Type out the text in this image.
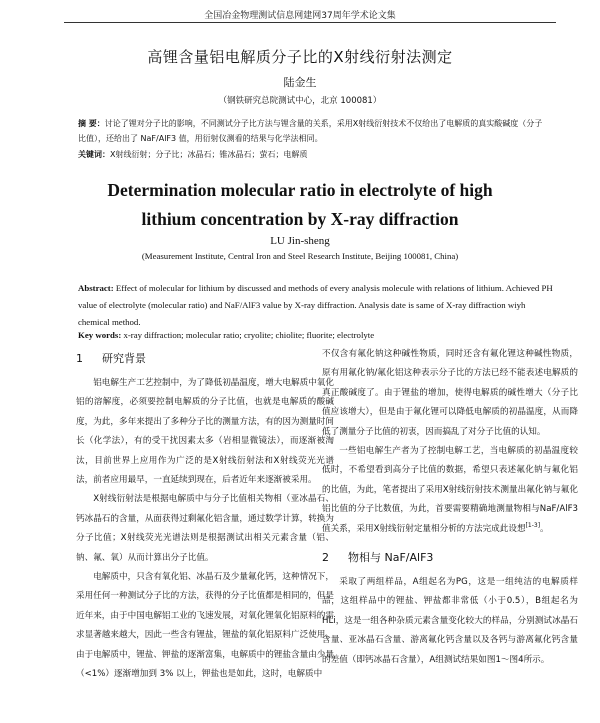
全国冶金物理测试信息网建网37周年学术论文集
高锂含量铝电解质分子比的X射线衍射法测定
陆金生
（钢铁研究总院测试中心，北京 100081）
摘 要：讨论了锂对分子比的影响，不同测试分子比方法与锂含量的关系，采用X射线衍射技术不仅给出了电解质的真实酸碱度（分子比值），还给出了 NaF/AlF3 值，用衍射仪测看的结果与化学法相同。
关键词：X射线衍射；分子比；冰晶石；锥冰晶石；萤石；电解质
Determination molecular ratio in electrolyte of high lithium concentration by X-ray diffraction
LU Jin-sheng
(Measurement Institute, Central Iron and Steel Research Institute, Beijing 100081, China)
Abstract: Effect of molecular for lithium by discussed and methods of every analysis molecule with relations of lithium. Achieved PH value of electrolyte (molecular ratio) and NaF/AlF3 value by X-ray diffraction. Analysis date is same of X-ray diffraction wiyh chemical method.
Key words: x-ray diffraction; molecular ratio; cryolite; chiolite; fluorite; electrolyte
1 研究背景

铝电解生产工艺控制中，为了降低初晶温度，增大电解质中氧化铝的溶解度，必须要控制电解质的分子比值，也就是电解质的酸碱度，为此，多年来提出了多种分子比的测量方法，有的因为测量时间长（化学法），有的受干扰因素太多（岩相显微镜法），而逐渐被淘汰，目前世界上应用作为广泛的是X射线衍射法和X射线荧光光谱法，前者应用最早，一直延续到现在，后者近年来逐渐被采用。

X射线衍射法是根据电解质中与分子比值相关物相（亚冰晶石、钙冰晶石的含量，从面获得过剩氟化铝含量，通过数学计算，转换为分子比值；X射线荧光光谱法则是根据测试出相关元素含量（铝、钠、氟、氧）从而计算出分子比值。

电解质中，只含有氧化铝、冰晶石及少量氟化钙，这种情况下，采用任何一种测试分子比的方法，获得的分子比值都是相同的，但是近年来，由于中国电解铝工业的飞速发展，对氧化锂氧化铝原料的需求显著越来越大，因此一些含有锂盐，锂盐的氧化铝原料广泛使用，由于电解质中，锂盐、钾盐的逐渐富集，电解质中的锂盐含量由少量（<1%）逐渐增加到 3% 以上，钾盐也是如此，这时，电解质中

不仅含有氟化钠这种碱性物质，同时还含有氟化锂这种碱性物质，原有用氟化钠/氟化铝这种表示分子比的方法已经不能表述电解质的真正酸碱度了。由于锂盐的增加，使得电解质的碱性增大（分子比值应该增大），但是由于氟化锂可以降低电解质的初晶温度，从而降低了测量分子比值的初衷，因而搞乱了对分子比值的认知。

一些铝电解生产者为了控制电解工艺，当电解质的初晶温度较低时，不希望看到高分子比值的数据，希望只表述氟化钠与氟化铝的比值，为此，笔者提出了采用X射线衍射技术测量出氟化钠与氟化铝比值的分子比数值，为此，首要需要精确地测量物相与NaF/AlF3 值关系，采用X射线衍射定量相分析的方法完成此设想[1-3]。

2 物相与 NaF/AlF3

采取了两组样品，A组起名为PG，这是一组纯洁的电解质样品，这组样品中的锂盐、钾盐都非常低（小于0.5），B组起名为HLi，这是一组各种杂质元素含量变化较大的样品，分别测试冰晶石含量、亚冰晶石含量、游离氟化钙含量以及各钙与游离氟化钙含量的差值（即钙冰晶石含量），A组测试结果如图1～图4所示。
